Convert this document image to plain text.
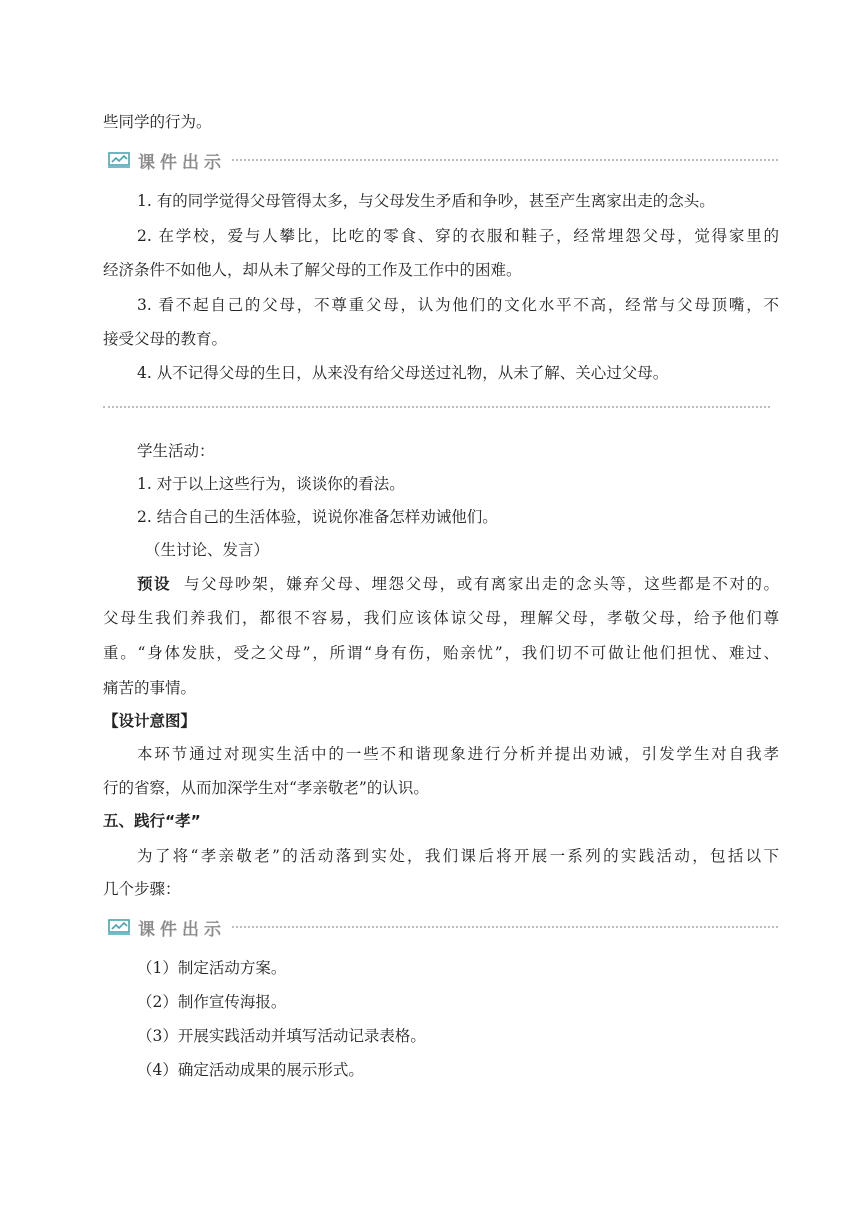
些同学的行为。
课件出示
1. 有的同学觉得父母管得太多，与父母发生矛盾和争吵，甚至产生离家出走的念头。
2. 在学校，爱与人攀比，比吃的零食、穿的衣服和鞋子，经常埋怨父母，觉得家里的
经济条件不如他人，却从未了解父母的工作及工作中的困难。
3. 看不起自己的父母，不尊重父母，认为他们的文化水平不高，经常与父母顶嘴，不
接受父母的教育。
4. 从不记得父母的生日，从来没有给父母送过礼物，从未了解、关心过父母。
学生活动：
1. 对于以上这些行为，谈谈你的看法。
2. 结合自己的生活体验，说说你准备怎样劝诫他们。
（生讨论、发言）
预设 与父母吵架，嫌弃父母、埋怨父母，或有离家出走的念头等，这些都是不对的。
父母生我们养我们，都很不容易，我们应该体谅父母，理解父母，孝敬父母，给予他们尊
重。“身体发肤，受之父母”，所谓“身有伤，贻亲忧”，我们切不可做让他们担忧、难过、
痛苦的事情。
【设计意图】
本环节通过对现实生活中的一些不和谐现象进行分析并提出劝诫，引发学生对自我孝
行的省察，从而加深学生对“孝亲敬老”的认识。
五、践行“孝”
为了将“孝亲敬老”的活动落到实处，我们课后将开展一系列的实践活动，包括以下
几个步骤：
课件出示
（1）制定活动方案。
（2）制作宣传海报。
（3）开展实践活动并填写活动记录表格。
（4）确定活动成果的展示形式。
